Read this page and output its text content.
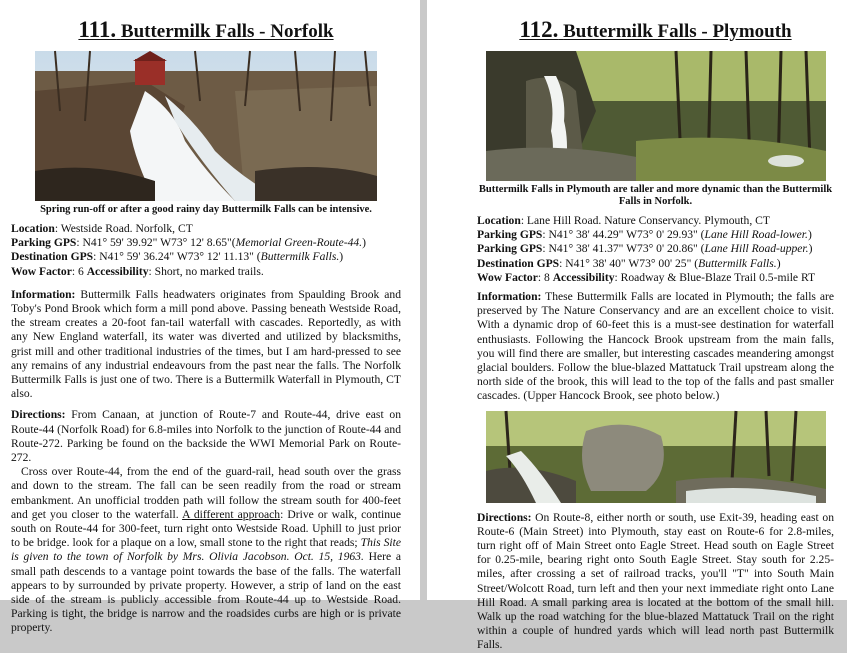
111. Buttermilk Falls - Norfolk
Spring run-off or after a good rainy day Buttermilk Falls can be intensive.
Location: Westside Road. Norfolk, CT
Parking GPS: N41° 59' 39.92" W73° 12' 8.65"(Memorial Green-Route-44.)
Destination GPS: N41° 59' 36.24" W73° 12' 11.13" (Buttermilk Falls.)
Wow Factor: 6 Accessibility: Short, no marked trails.

Information: Buttermilk Falls headwaters originates from Spaulding Brook and Toby's Pond Brook which form a mill pond above. Passing beneath Westside Road, the stream creates a 20-foot fan-tail waterfall with cascades. Reportedly, as with any New England waterfall, its water was diverted and utilized by blacksmiths, grist mill and other traditional industries of the times, but I am hard-pressed to see any remains of any industrial endeavours from the past near the falls. The Norfolk Buttermilk Falls is just one of two. There is a Buttermilk Waterfall in Plymouth, CT also.

Directions: From Canaan, at junction of Route-7 and Route-44, drive east on Route-44 (Norfolk Road) for 6.8-miles into Norfolk to the junction of Route-44 and Route-272. Parking be found on the backside the WWI Memorial Park on Route-272.

Cross over Route-44, from the end of the guard-rail, head south over the grass and down to the stream. The fall can be seen readily from the road or stream embankment. An unofficial trodden path will follow the stream south for 400-feet and get you closer to the waterfall. A different approach: Drive or walk, continue south on Route-44 for 300-feet, turn right onto Westside Road. Uphill to just prior to be bridge. look for a plaque on a low, small stone to the right that reads; This Site is given to the town of Norfolk by Mrs. Olivia Jacobson. Oct. 15, 1963. Here a small path descends to a vantage point towards the base of the falls. The waterfall appears to by surrounded by private property. However, a strip of land on the east side of the stream is publicly accessible from Route-44 up to Westside Road. Parking is tight, the bridge is narrow and the roadsides curbs are high or is private property.

112. Buttermilk Falls - Plymouth
Buttermilk Falls in Plymouth are taller and more dynamic than the Buttermilk Falls in Norfolk.
Location: Lane Hill Road. Nature Conservancy. Plymouth, CT
Parking GPS: N41° 38' 44.29" W73° 0' 29.93" (Lane Hill Road-lower.)
Parking GPS: N41° 38' 41.37" W73° 0' 20.86" (Lane Hill Road-upper.)
Destination GPS: N41° 38' 40" W73° 00' 25" (Buttermilk Falls.)
Wow Factor: 8 Accessibility: Roadway & Blue-Blaze Trail 0.5-mile RT

Information: These Buttermilk Falls are located in Plymouth; the falls are preserved by The Nature Conservancy and are an excellent choice to visit. With a dynamic drop of 60-feet this is a must-see destination for waterfall enthusiasts. Following the Hancock Brook upstream from the main falls, you will find there are smaller, but interesting cascades meandering amongst glacial boulders. Follow the blue-blazed Mattatuck Trail upstream along the north side of the brook, this will lead to the top of the falls and past smaller cascades. (Upper Hancock Brook, see photo below.)

Directions: On Route-8, either north or south, use Exit-39, heading east on Route-6 (Main Street) into Plymouth, stay east on Route-6 for 2.8-miles, turn right off of Main Street onto Eagle Street. Head south on Eagle Street for 0.25-mile, bearing right onto South Eagle Street. Stay south for 2.25-miles, after crossing a set of railroad tracks, you'll "T" into South Main Street/Wolcott Road, turn left and then your next immediate right onto Lane Hill Road. A small parking area is located at the bottom of the small hill. Walk up the road watching for the blue-blazed Mattatuck Trail on the right within a couple of hundred yards which will lead north past Buttermilk Falls.
